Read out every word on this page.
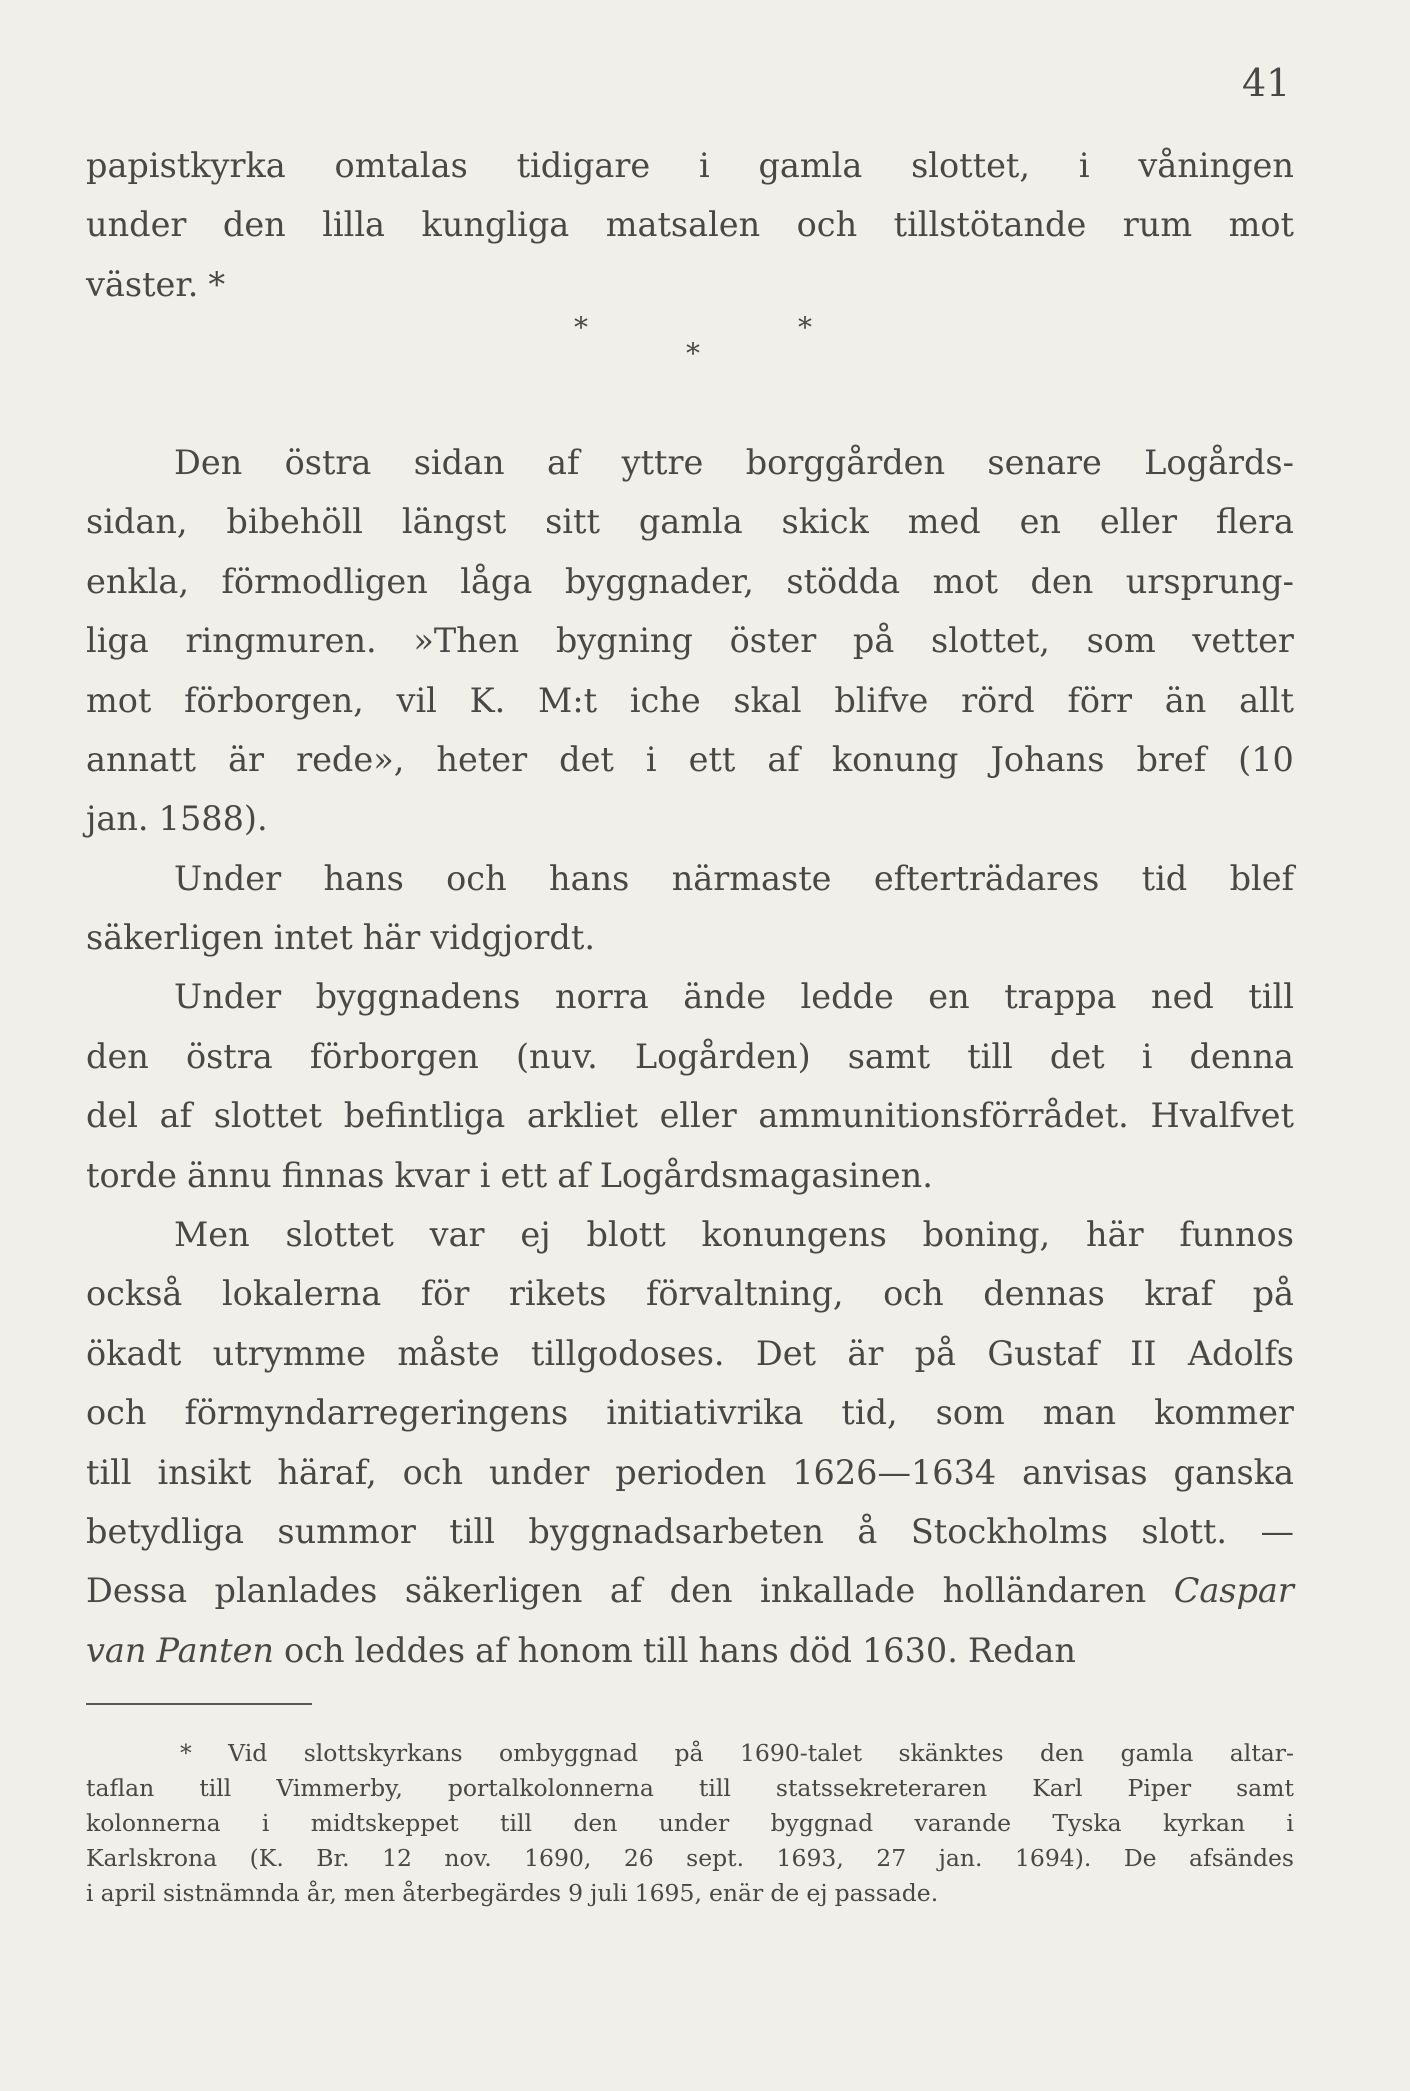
41
papistkyrka omtalas tidigare i gamla slottet, i våningen
under den lilla kungliga matsalen och tillstötande rum mot
väster. *
*	*
*
Den östra sidan af yttre borggården senare Logårds-
sidan, bibehöll längst sitt gamla skick med en eller flera
enkla, förmodligen låga byggnader, stödda mot den ursprung-
liga ringmuren. »Then bygning öster på slottet, som vetter
mot förborgen, vil K. M:t iche skal blifve rörd förr än allt
annatt är rede», heter det i ett af konung Johans bref (10
jan. 1588).
Under hans och hans närmaste efterträdares tid blef
säkerligen intet här vidgjordt.
Under byggnadens norra ände ledde en trappa ned till
den östra förborgen (nuv. Logården) samt till det i denna
del af slottet befintliga arkliet eller ammunitionsförrådet. Hvalfvet
torde ännu finnas kvar i ett af Logårdsmagasinen.
Men slottet var ej blott konungens boning, här funnos
också lokalerna för rikets förvaltning, och dennas kraf på
ökadt utrymme måste tillgodoses. Det är på Gustaf II Adolfs
och förmyndarregeringens initiativrika tid, som man kommer
till insikt häraf, och under perioden 1626—1634 anvisas ganska
betydliga summor till byggnadsarbeten å Stockholms slott. —
Dessa planlades säkerligen af den inkallade holländaren Caspar
van Panten och leddes af honom till hans död 1630. Redan
* Vid slottskyrkans ombyggnad på 1690-talet skänktes den gamla altar-
taflan till Vimmerby, portalkolonnerna till statssekreteraren Karl Piper samt
kolonnerna i midtskeppet till den under byggnad varande Tyska kyrkan i
Karlskrona (K. Br. 12 nov. 1690, 26 sept. 1693, 27 jan. 1694). De afsändes
i april sistnämnda år, men återbegärdes 9 juli 1695, enär de ej passade.
